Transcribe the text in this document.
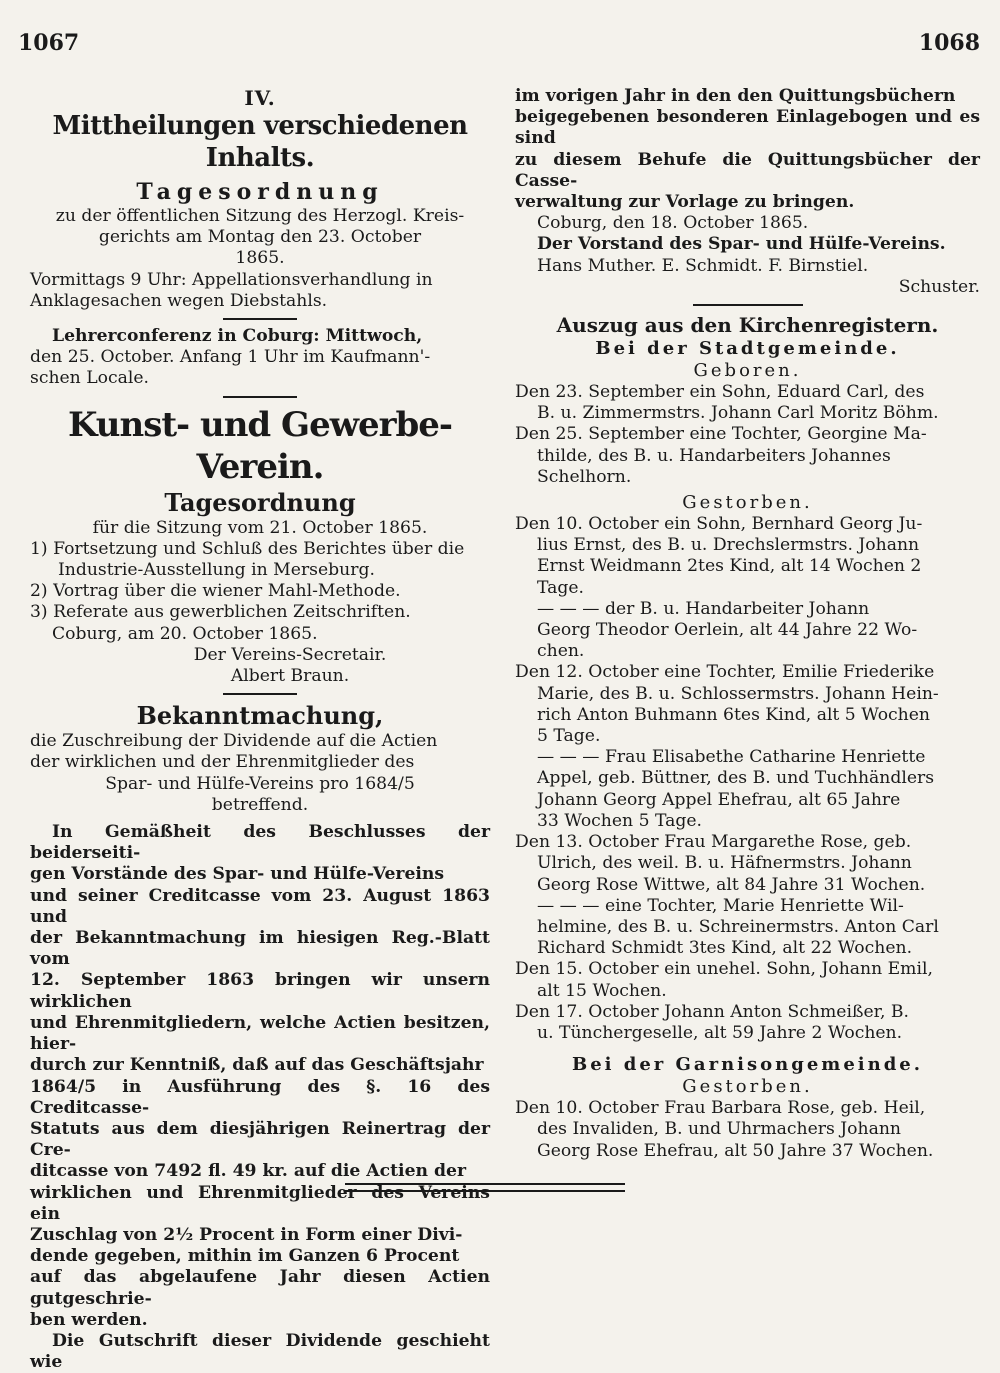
1067	1068

IV.

Mittheilungen verschiedenen Inhalts.

Tagesordnung

zu der öffentlichen Sitzung des Herzogl. Kreis-

gerichts am Montag den 23. October

1865.

Vormittags 9 Uhr: Appellationsverhandlung in

Anklagesachen wegen Diebstahls.

Lehrerconferenz in Coburg: Mittwoch,

den 25. October. Anfang 1 Uhr im Kaufmann'-

schen Locale.

Kunst- und Gewerbe-Verein.

Tagesordnung

für die Sitzung vom 21. October 1865.

1) Fortsetzung und Schluß des Berichtes über die

Industrie-Ausstellung in Merseburg.

2) Vortrag über die wiener Mahl-Methode.

3) Referate aus gewerblichen Zeitschriften.

Coburg, am 20. October 1865.

Der Vereins-Secretair.

Albert Braun.

Bekanntmachung,

die Zuschreibung der Dividende auf die Actien

der wirklichen und der Ehrenmitglieder des

Spar- und Hülfe-Vereins pro 1684/5

betreffend.

In Gemäßheit des Beschlusses der beiderseiti-

gen Vorstände des Spar- und Hülfe-Vereins

und seiner Creditcasse vom 23. August 1863 und

der Bekanntmachung im hiesigen Reg.-Blatt vom

12. September 1863 bringen wir unsern wirklichen

und Ehrenmitgliedern, welche Actien besitzen, hier-

durch zur Kenntniß, daß auf das Geschäftsjahr

1864/5 in Ausführung des §. 16 des Creditcasse-

Statuts aus dem diesjährigen Reinertrag der Cre-

ditcasse von 7492 fl. 49 kr. auf die Actien der

wirklichen und Ehrenmitglieder des Vereins ein

Zuschlag von 2½ Procent in Form einer Divi-

dende gegeben, mithin im Ganzen 6 Procent

auf das abgelaufene Jahr diesen Actien gutgeschrie-

ben werden.

Die Gutschrift dieser Dividende geschieht wie

im vorigen Jahr in den den Quittungsbüchern

beigegebenen besonderen Einlagebogen und es sind

zu diesem Behufe die Quittungsbücher der Casse-

verwaltung zur Vorlage zu bringen.

Coburg, den 18. October 1865.

Der Vorstand des Spar- und Hülfe-Vereins.

Hans Muther. E. Schmidt. F. Birnstiel.

Schuster.

Auszug aus den Kirchenregistern.

Bei der Stadtgemeinde.

Geboren.

Den 23. September ein Sohn, Eduard Carl, des

B. u. Zimmermstrs. Johann Carl Moritz Böhm.

Den 25. September eine Tochter, Georgine Ma-

thilde, des B. u. Handarbeiters Johannes

Schelhorn.

Gestorben.

Den 10. October ein Sohn, Bernhard Georg Ju-

lius Ernst, des B. u. Drechslermstrs. Johann

Ernst Weidmann 2tes Kind, alt 14 Wochen 2

Tage.

— — — der B. u. Handarbeiter Johann

Georg Theodor Oerlein, alt 44 Jahre 22 Wo-

chen.

Den 12. October eine Tochter, Emilie Friederike

Marie, des B. u. Schlossermstrs. Johann Hein-

rich Anton Buhmann 6tes Kind, alt 5 Wochen

5 Tage.

— — — Frau Elisabethe Catharine Henriette

Appel, geb. Büttner, des B. und Tuchhändlers

Johann Georg Appel Ehefrau, alt 65 Jahre

33 Wochen 5 Tage.

Den 13. October Frau Margarethe Rose, geb.

Ulrich, des weil. B. u. Häfnermstrs. Johann

Georg Rose Wittwe, alt 84 Jahre 31 Wochen.

— — — eine Tochter, Marie Henriette Wil-

helmine, des B. u. Schreinermstrs. Anton Carl

Richard Schmidt 3tes Kind, alt 22 Wochen.

Den 15. October ein unehel. Sohn, Johann Emil,

alt 15 Wochen.

Den 17. October Johann Anton Schmeißer, B.

u. Tünchergeselle, alt 59 Jahre 2 Wochen.

Bei der Garnisongemeinde.

Gestorben.

Den 10. October Frau Barbara Rose, geb. Heil,

des Invaliden, B. und Uhrmachers Johann

Georg Rose Ehefrau, alt 50 Jahre 37 Wochen.
